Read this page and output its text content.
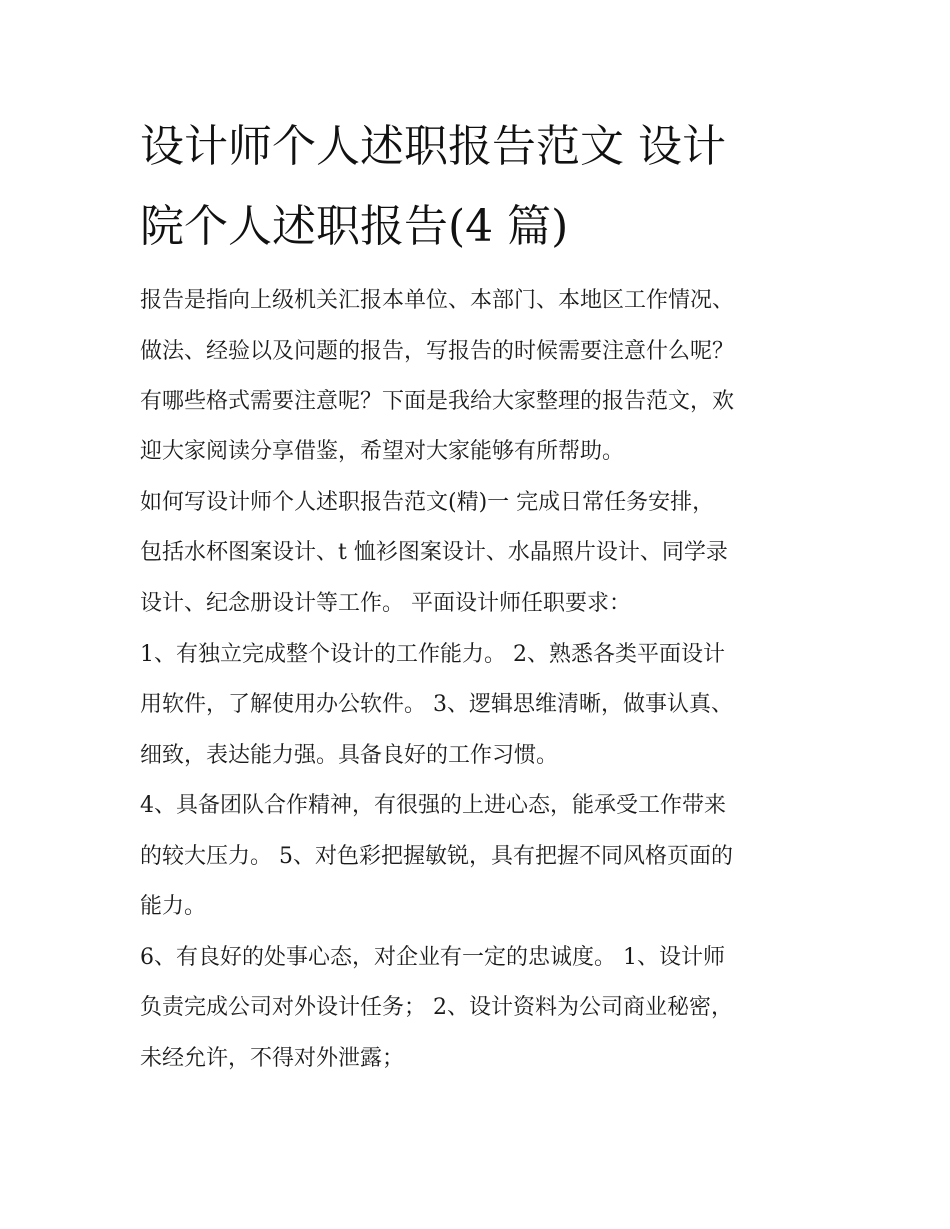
设计师个人述职报告范文 设计
院个人述职报告(4 篇)

报告是指向上级机关汇报本单位、本部门、本地区工作情况、

做法、经验以及问题的报告，写报告的时候需要注意什么呢？

有哪些格式需要注意呢？下面是我给大家整理的报告范文，欢

迎大家阅读分享借鉴，希望对大家能够有所帮助。

如何写设计师个人述职报告范文(精)一 完成日常任务安排，

包括水杯图案设计、t 恤衫图案设计、水晶照片设计、同学录

设计、纪念册设计等工作。 平面设计师任职要求：

1、有独立完成整个设计的工作能力。 2、熟悉各类平面设计

用软件，了解使用办公软件。 3、逻辑思维清晰，做事认真、

细致，表达能力强。具备良好的工作习惯。

4、具备团队合作精神，有很强的上进心态，能承受工作带来

的较大压力。 5、对色彩把握敏锐，具有把握不同风格页面的

能力。

6、有良好的处事心态，对企业有一定的忠诚度。 1、设计师

负责完成公司对外设计任务； 2、设计资料为公司商业秘密，

未经允许，不得对外泄露；
